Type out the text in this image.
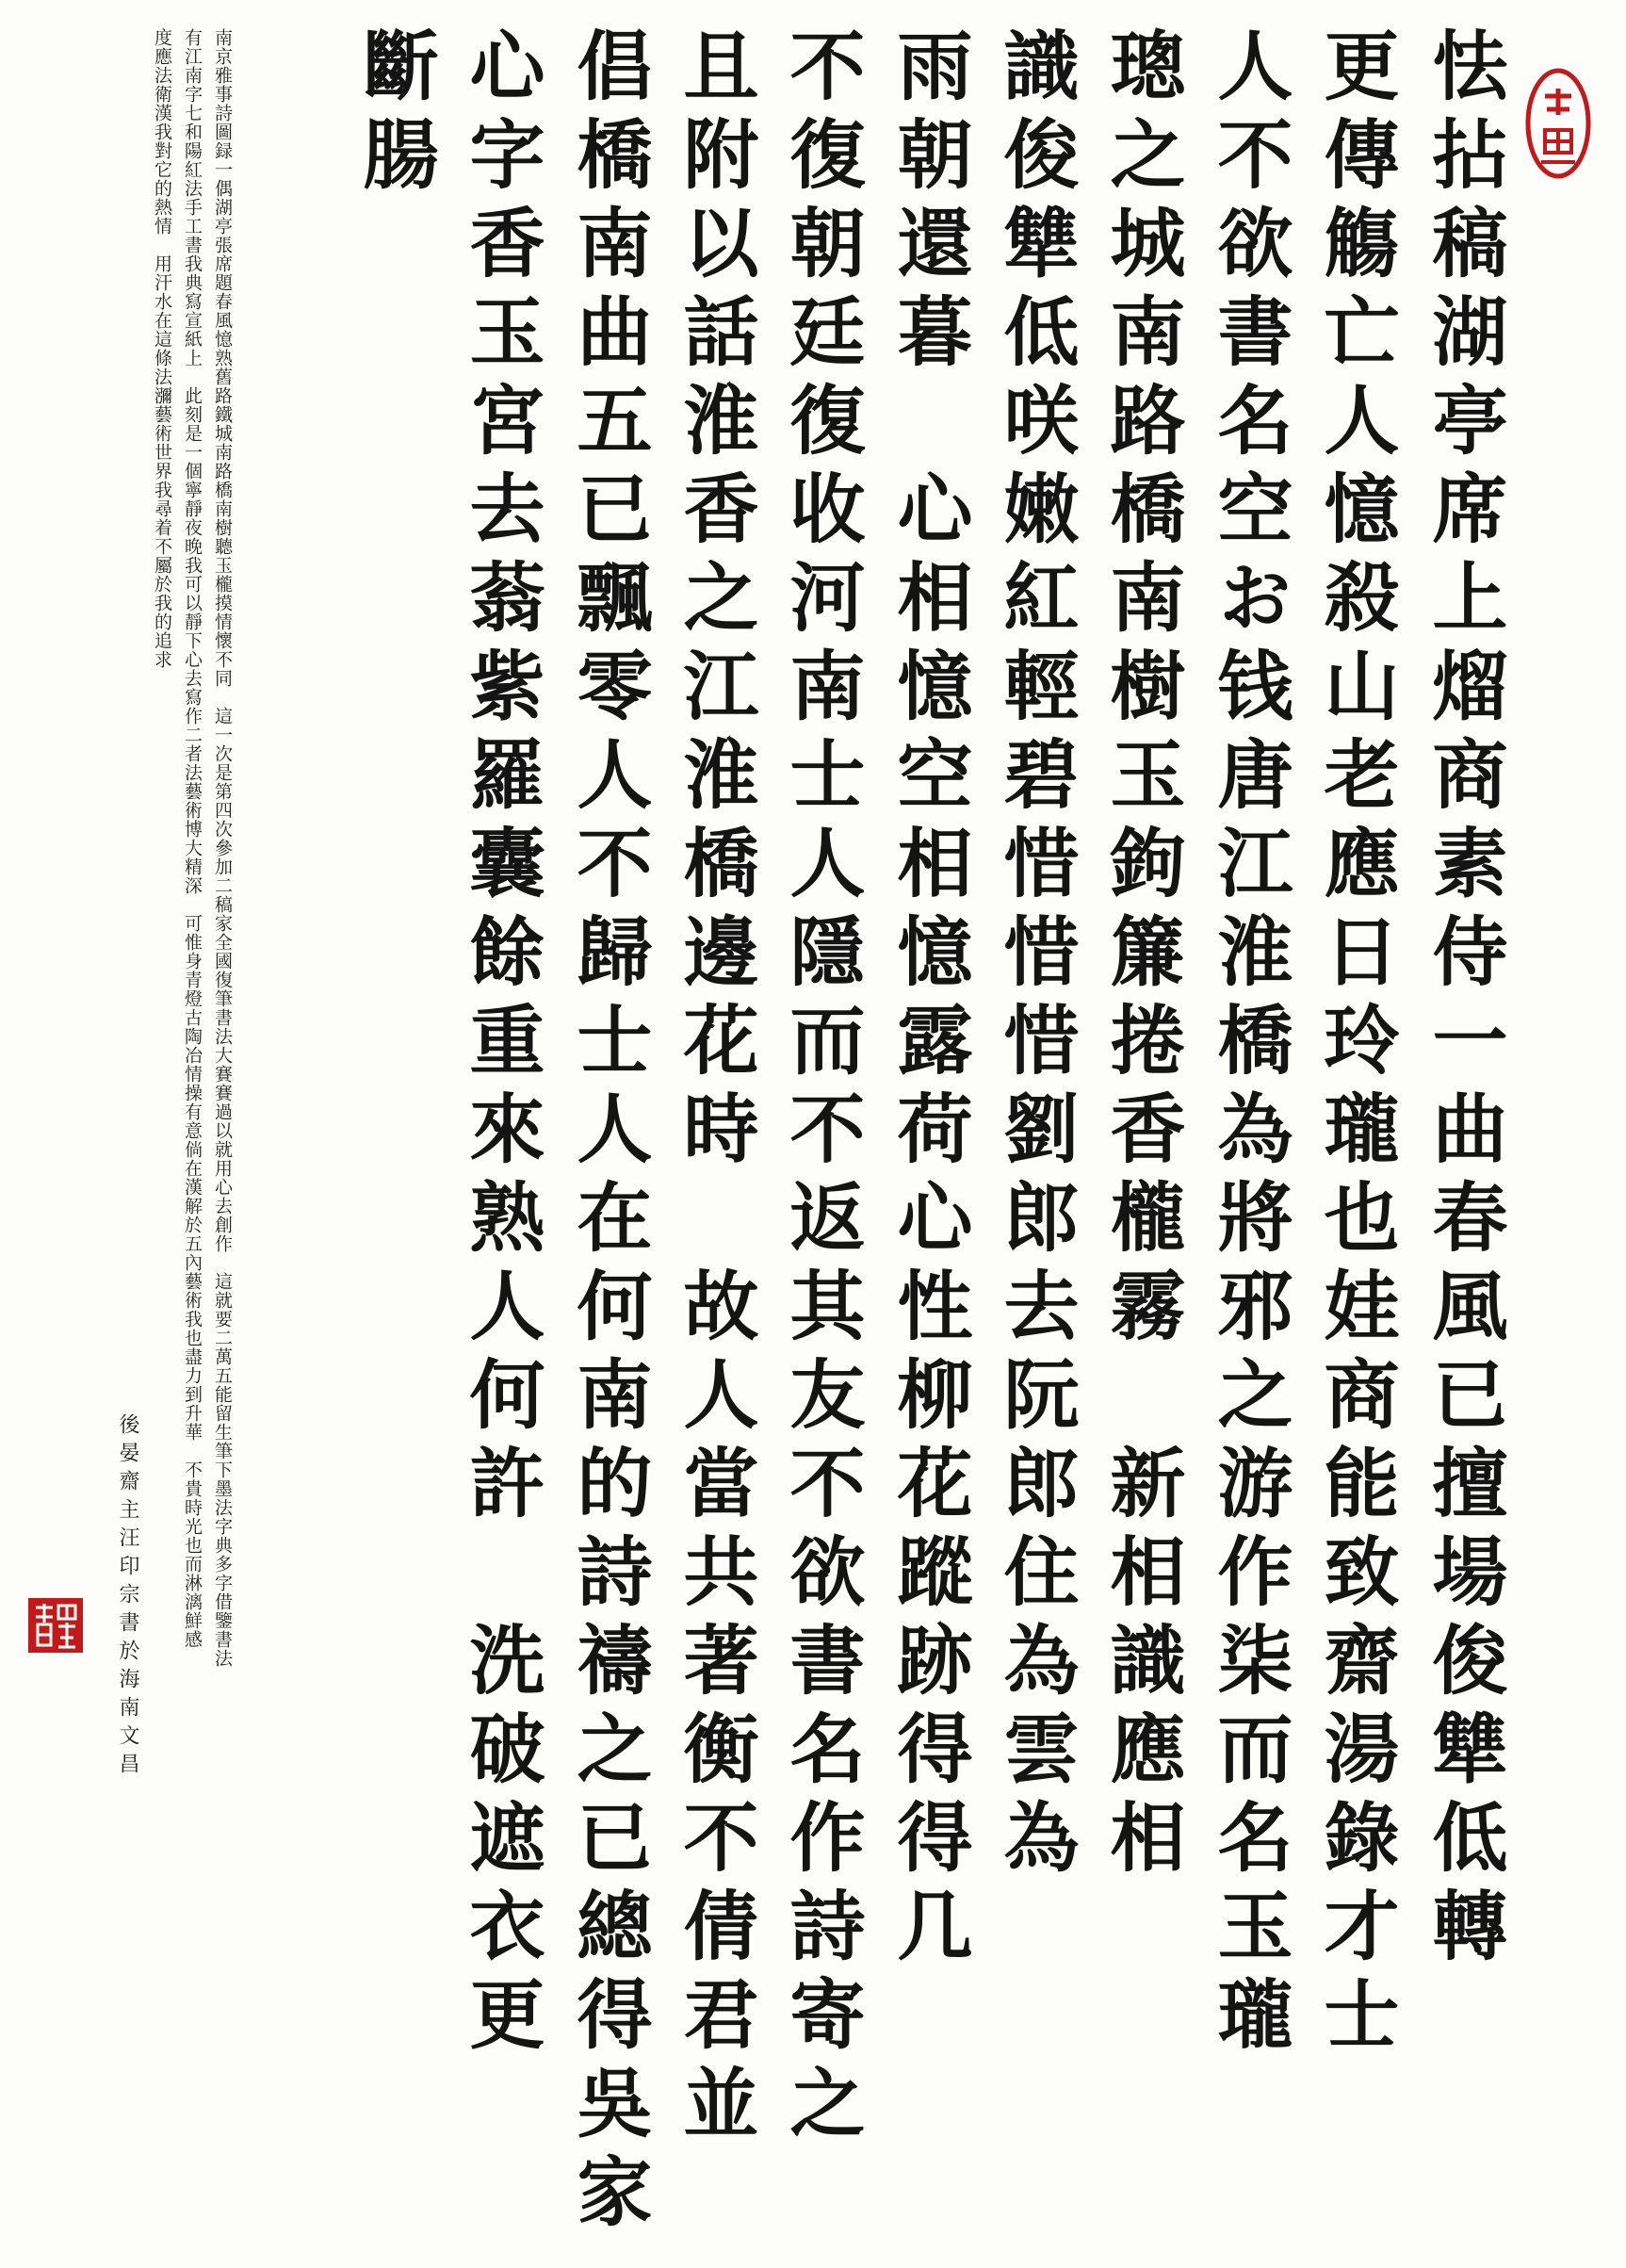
怯拈稿湖亭席上熘商素侍一曲春風已擅場俊犨低轉
更傳觴亡人憶殺山老應日玲瓏也娃商能致齋湯錄才士
人不欲書名空お钱唐江淮橋為將邪之游作柒而名玉瓏
璁之城南路橋南樹玉鉤簾捲香櫳霧　新相識應相
識俊犨低咲嫩紅輕碧惜惜惜劉郎去阮郎住為雲為
雨朝還暮　心相憶空相憶露荷心性柳花蹤跡得得几
不復朝廷復收河南士人隱而不返其友不欲書名作詩寄之
且附以話淮香之江淮橋邊花時　故人當共著衡不倩君並
倡橋南曲五已飄零人不歸士人在何南的詩禱之已總得吳家
心字香玉宮去蓊紫羅囊餘重來熟人何許　洗破遮衣更
斷腸
南京雅事詩圖録一偶湖亭張席題春風憶熟舊路鐵城南路橋南樹聽玉櫳摸情懷不同　這一次是第四次參加二稿家全國復筆書法大賽賽過以就用心去創作　這就要二萬五能留生筆下墨法字典多字借鑒書法
有江南字七和陽紅法手工書我典寫宣紙上　此刻是一個寧靜夜晚我可以靜下心去寫作二者法藝術博大精深　可惟身青燈古陶冶情操有意倘在漢解於五內藝術我也盡力到升華　不貴時光也而淋漓鮮感
度應法衛漢我對它的熱情　用汗水在這條法瀰藝術世界我尋着不屬於我的追求
後晏齋主汪印宗書於海南文昌
